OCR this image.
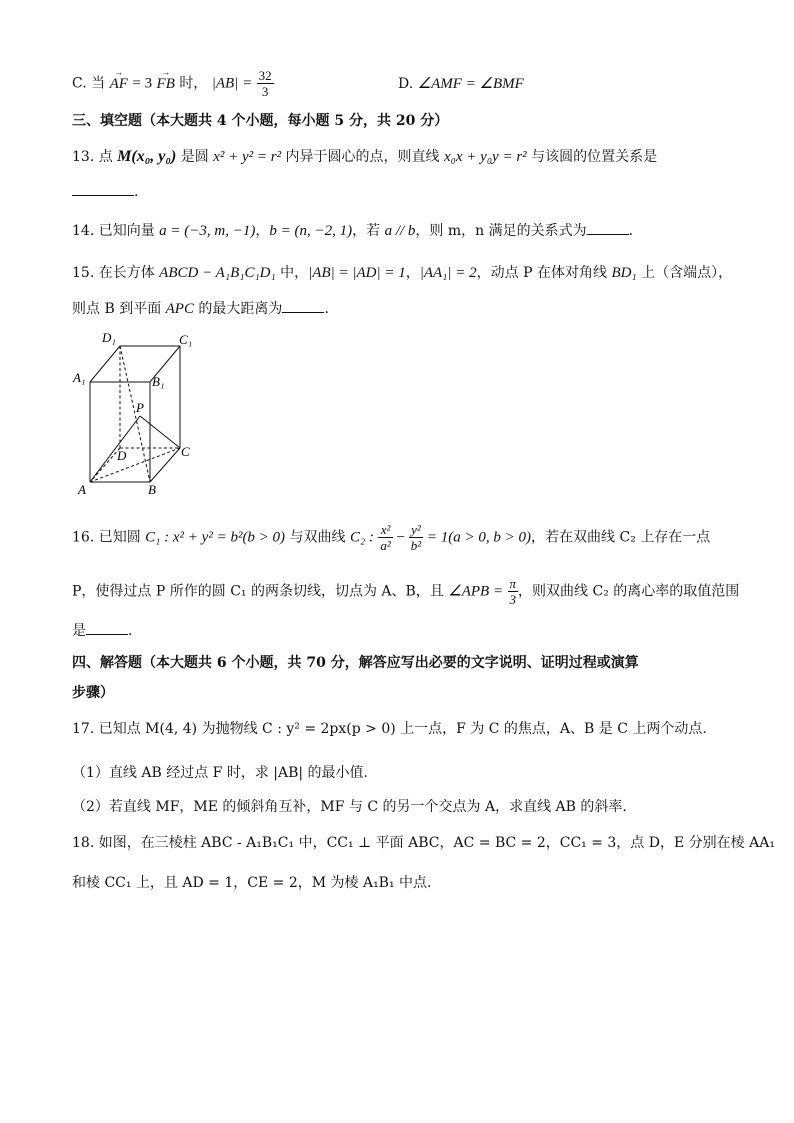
C. 当
→
AF = 3
→
FB 时， $|AB| = \frac{32}{3}$	D. ∠AMF = ∠BMF
三、填空题（本大题共 4 个小题，每小题 5 分，共 20 分）
13. 点 M(x₀, y₀) 是圆 x² + y² = r² 内异于圆心的点，则直线 x₀x + y₀y = r² 与该圆的位置关系是
.
14. 已知向量 a = (−3, m, −1)，b = (n, −2, 1)，若 a // b，则 m，n 满足的关系式为	.
15. 在长方体 ABCD − A₁B₁C₁D₁ 中，|AB| = |AD| = 1，|AA₁| = 2，动点 P 在体对角线 BD₁ 上（含端点），
则点 B 到平面 APC 的最大距离为	.
D₁	C₁
A₁	B₁
P
D	C
A	B
16. 已知圆 C₁ : x² + y² = b²(b > 0) 与双曲线 C₂ : $\frac{\text{x²}}{\text{a²}} - \frac{\text{y²}}{\text{b²}} = 1(a > 0$, b > 0)，若在双曲线 C₂ 上存在一点
P，使得过点 P 所作的圆 C₁ 的两条切线，切点为 A、B，且 ∠APB = $\frac{\pi}{3}$ ，则双曲线 C₂ 的离心率的取值范围
是	.
四、解答题（本大题共 6 个小题，共 70 分，解答应写出必要的文字说明、证明过程或演算
步骤）
17. 已知点 M(4, 4) 为抛物线 C : y² = 2px(p > 0) 上一点，F 为 C 的焦点，A、B 是 C 上两个动点.
（1）直线 AB 经过点 F 时，求 |AB| 的最小值.
（2）若直线 MF，ME 的倾斜角互补，MF 与 C 的另一个交点为 A，求直线 AB 的斜率.
18. 如图，在三棱柱 ABC - A₁B₁C₁ 中，CC₁ ⊥ 平面 ABC，AC = BC = 2，CC₁ = 3，点 D，E 分别在棱 AA₁
和棱 CC₁ 上，且 AD = 1，CE = 2，M 为棱 A₁B₁ 中点.
